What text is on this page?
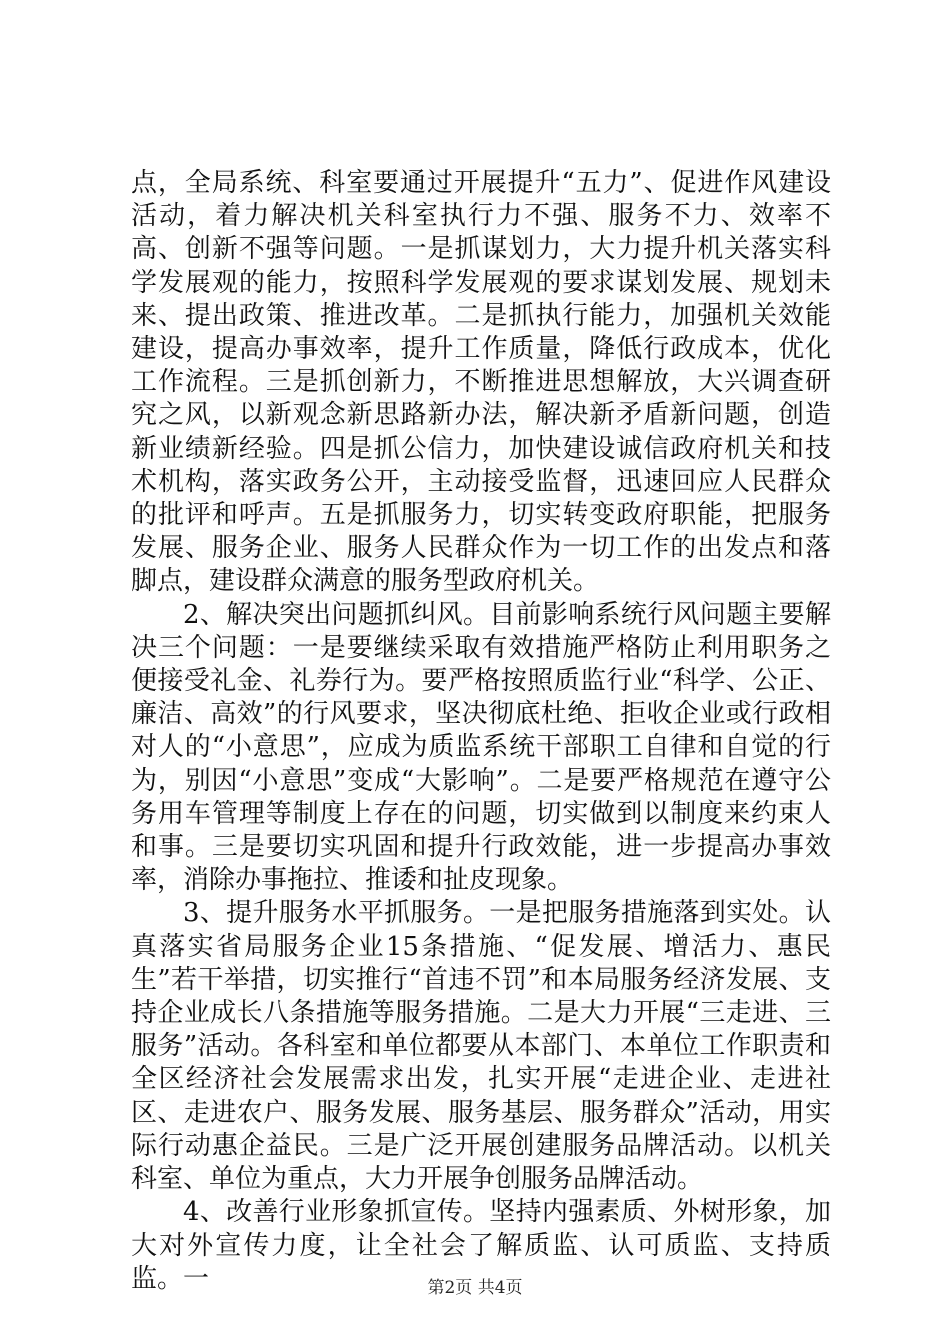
点，全局系统、科室要通过开展提升“五力”、促进作风建设活动，着力解决机关科室执行力不强、服务不力、效率不高、创新不强等问题。一是抓谋划力，大力提升机关落实科学发展观的能力，按照科学发展观的要求谋划发展、规划未来、提出政策、推进改革。二是抓执行能力，加强机关效能建设，提高办事效率，提升工作质量，降低行政成本，优化工作流程。三是抓创新力，不断推进思想解放，大兴调查研究之风，以新观念新思路新办法，解决新矛盾新问题，创造新业绩新经验。四是抓公信力，加快建设诚信政府机关和技术机构，落实政务公开，主动接受监督，迅速回应人民群众的批评和呼声。五是抓服务力，切实转变政府职能，把服务发展、服务企业、服务人民群众作为一切工作的出发点和落脚点，建设群众满意的服务型政府机关。

2、解决突出问题抓纠风。目前影响系统行风问题主要解决三个问题：一是要继续采取有效措施严格防止利用职务之便接受礼金、礼券行为。要严格按照质监行业“科学、公正、廉洁、高效”的行风要求，坚决彻底杜绝、拒收企业或行政相对人的“小意思”，应成为质监系统干部职工自律和自觉的行为，别因“小意思”变成“大影响”。二是要严格规范在遵守公务用车管理等制度上存在的问题，切实做到以制度来约束人和事。三是要切实巩固和提升行政效能，进一步提高办事效率，消除办事拖拉、推诿和扯皮现象。

3、提升服务水平抓服务。一是把服务措施落到实处。认真落实省局服务企业15条措施、“促发展、增活力、惠民生”若干举措，切实推行“首违不罚”和本局服务经济发展、支持企业成长八条措施等服务措施。二是大力开展“三走进、三服务”活动。各科室和单位都要从本部门、本单位工作职责和全区经济社会发展需求出发，扎实开展“走进企业、走进社区、走进农户、服务发展、服务基层、服务群众”活动，用实际行动惠企益民。三是广泛开展创建服务品牌活动。以机关科室、单位为重点，大力开展争创服务品牌活动。

4、改善行业形象抓宣传。坚持内强素质、外树形象，加大对外宣传力度，让全社会了解质监、认可质监、支持质监。一	第2页 共4页
